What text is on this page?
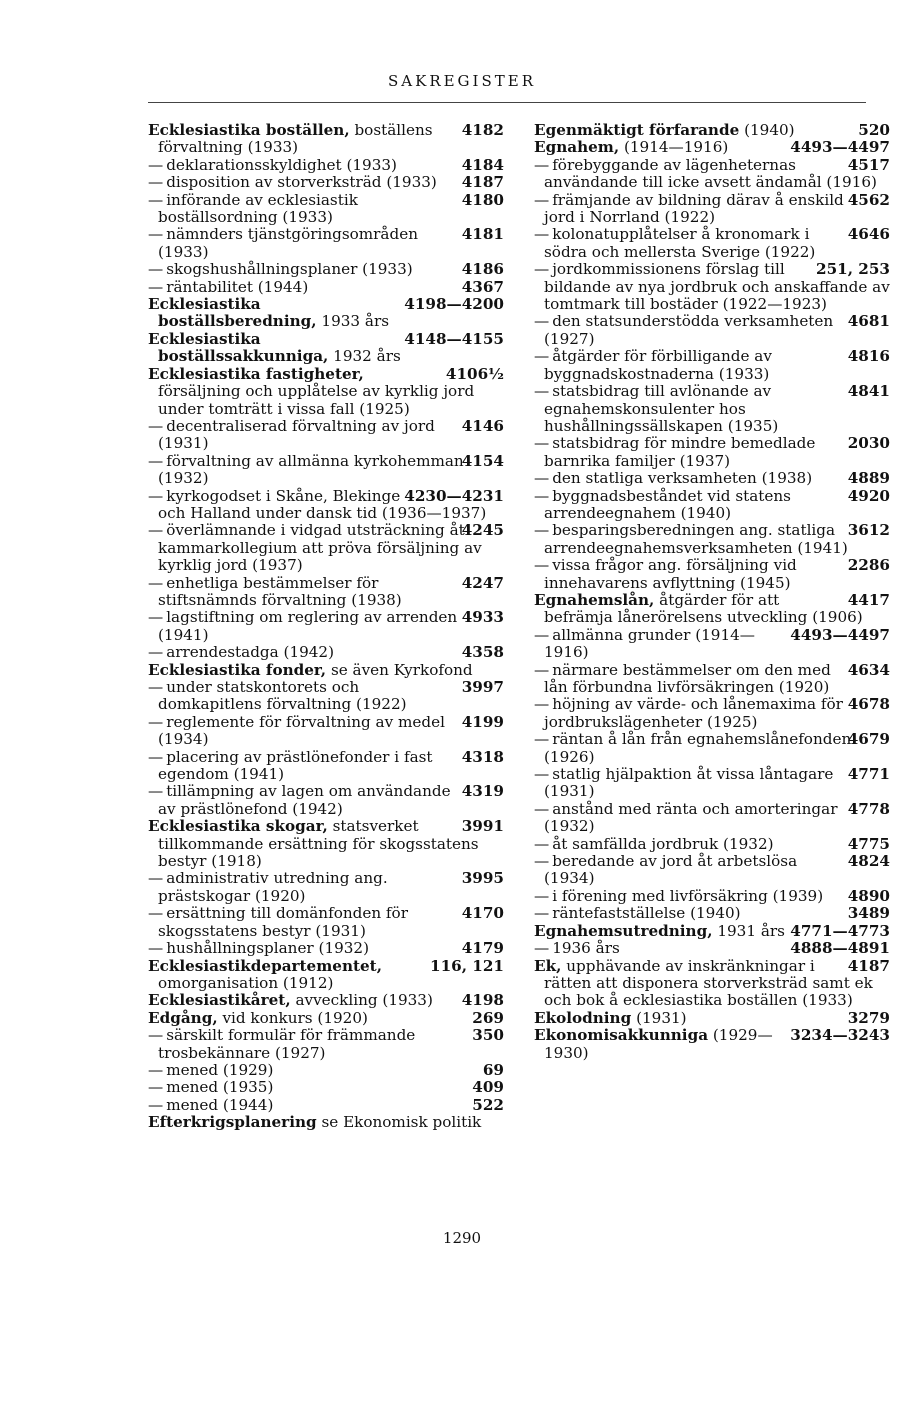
SAKREGISTER

4182
Ecklesiastika boställen, boställens förvaltning (1933)

4184
— deklarationsskyldighet (1933)

4187
— disposition av storverksträd (1933)

4180
— införande av ecklesiastik boställsordning (1933)

4181
— nämnders tjänstgöringsområden (1933)

4186
— skogshushållningsplaner (1933)

4367
— räntabilitet (1944)

4198—4200
Ecklesiastika boställsberedning, 1933 års

4148—4155
Ecklesiastika boställssakkunniga, 1932 års

4106½
Ecklesiastika fastigheter, försäljning och upplåtelse av kyrklig jord under tomträtt i vissa fall (1925)

4146
— decentraliserad förvaltning av jord (1931)

4154
— förvaltning av allmänna kyrkohemman (1932)

4230—4231
— kyrkogodset i Skåne, Blekinge och Halland under dansk tid (1936—1937)

4245
— överlämnande i vidgad utsträckning åt kammarkollegium att pröva försäljning av kyrklig jord (1937)

4247
— enhetliga bestämmelser för stiftsnämnds förvaltning (1938)

4933
— lagstiftning om reglering av arrenden (1941)

4358
— arrendestadga (1942)

Ecklesiastika fonder, se även Kyrkofond

3997
— under statskontorets och domkapitlens förvaltning (1922)

4199
— reglemente för förvaltning av medel (1934)

4318
— placering av prästlönefonder i fast egendom (1941)

4319
— tillämpning av lagen om användande av prästlönefond (1942)

3991
Ecklesiastika skogar, statsverket tillkommande ersättning för skogsstatens bestyr (1918)

3995
— administrativ utredning ang. prästskogar (1920)

4170
— ersättning till domänfonden för skogsstatens bestyr (1931)

4179
— hushållningsplaner (1932)

116, 121
Ecklesiastikdepartementet, omorganisation (1912)

4198
Ecklesiastikåret, avveckling (1933)

269
Edgång, vid konkurs (1920)

350
— särskilt formulär för främmande trosbekännare (1927)

69
— mened (1929)

409
— mened (1935)

522
— mened (1944)

Efterkrigsplanering se Ekonomisk politik

520
Egenmäktigt förfarande (1940)

4493—4497
Egnahem, (1914—1916)

4517
— förebyggande av lägenheternas användande till icke avsett ändamål (1916)

4562
— främjande av bildning därav å enskild jord i Norrland (1922)

4646
— kolonatupplåtelser å kronomark i södra och mellersta Sverige (1922)

251, 253
— jordkommissionens förslag till bildande av nya jordbruk och anskaffande av tomtmark till bostäder (1922—1923)

4681
— den statsunderstödda verksamheten (1927)

4816
— åtgärder för förbilligande av byggnadskostnaderna (1933)

4841
— statsbidrag till avlönande av egnahemskonsulenter hos hushållningssällskapen (1935)

2030
— statsbidrag för mindre bemedlade barnrika familjer (1937)

4889
— den statliga verksamheten (1938)

4920
— byggnadsbeståndet vid statens arrendeegnahem (1940)

3612
— besparingsberedningen ang. statliga arrendeegnahemsverksamheten (1941)

2286
— vissa frågor ang. försäljning vid innehavarens avflyttning (1945)

4417
Egnahemslån, åtgärder för att befrämja lånerörelsens utveckling (1906)

4493—4497
— allmänna grunder (1914—1916)

4634
— närmare bestämmelser om den med lån förbundna livförsäkringen (1920)

4678
— höjning av värde- och lånemaxima för jordbrukslägenheter (1925)

4679
— räntan å lån från egnahemslånefonden (1926)

4771
— statlig hjälpaktion åt vissa låntagare (1931)

4778
— anstånd med ränta och amorteringar (1932)

4775
— åt samfällda jordbruk (1932)

4824
— beredande av jord åt arbetslösa (1934)

4890
— i förening med livförsäkring (1939)

3489
— räntefastställelse (1940)

4771—4773
Egnahemsutredning, 1931 års

4888—4891
— 1936 års

4187
Ek, upphävande av inskränkningar i rätten att disponera storverksträd samt ek och bok å ecklesiastika boställen (1933)

3279
Ekolodning (1931)

3234—3243
Ekonomisakkunniga (1929—1930)

1290
